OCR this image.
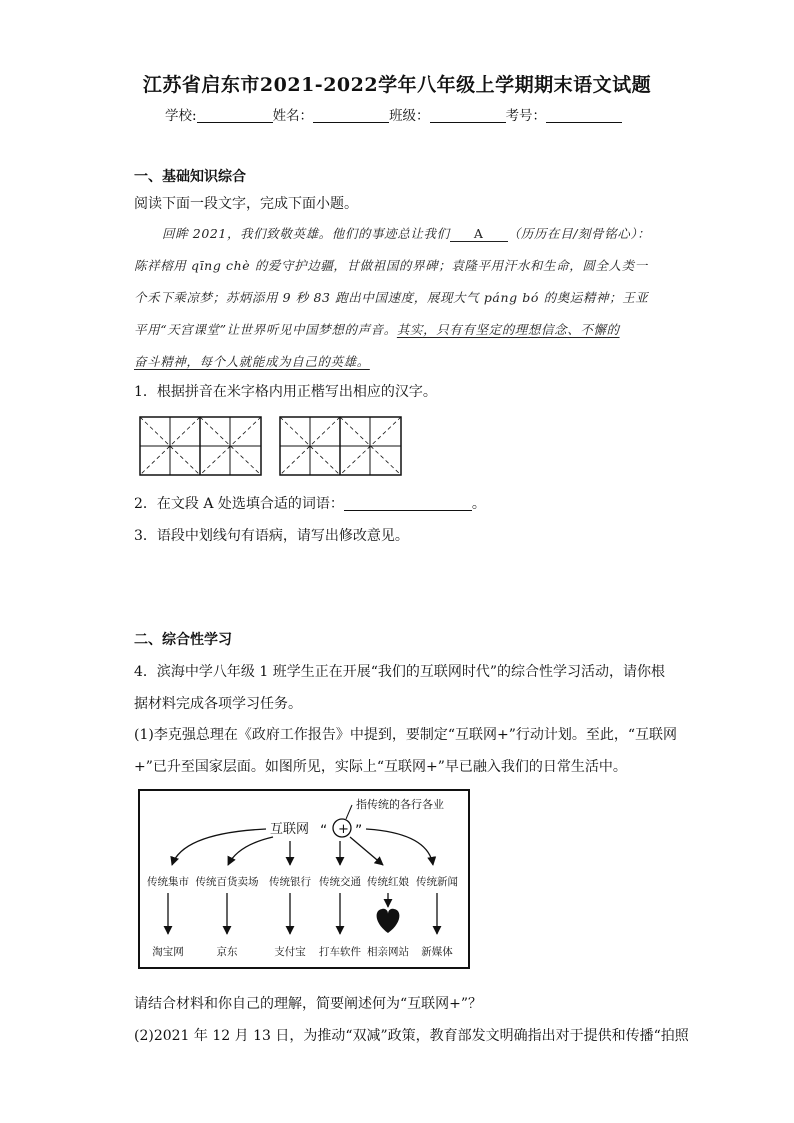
江苏省启东市2021-2022学年八年级上学期期末语文试题
学校:	姓名：	班级：	考号：
一、基础知识综合
阅读下面一段文字，完成下面小题。
回眸 2021，我们致敬英雄。他们的事迹总让我们 A （历历在目/刻骨铭心）：
陈祥榕用 qīng chè 的爱守护边疆，甘做祖国的界碑；袁隆平用汗水和生命，圆全人类一
个禾下乘凉梦；苏炳添用 9 秒 83 跑出中国速度，展现大气 páng bó 的奥运精神；王亚
平用“天宫课堂”让世界听见中国梦想的声音。其实，只有有坚定的理想信念、不懈的
奋斗精神，每个人就能成为自己的英雄。
1．根据拼音在米字格内用正楷写出相应的汉字。
2．在文段 A 处选填合适的词语：	。
3．语段中划线句有语病，请写出修改意见。
二、综合性学习
4．滨海中学八年级 1 班学生正在开展“我们的互联网时代”的综合性学习活动，请你根
据材料完成各项学习任务。
(1)李克强总理在《政府工作报告》中提到，要制定“互联网+”行动计划。至此，“互联网
+”已升至国家层面。如图所见，实际上“互联网+”早已融入我们的日常生活中。
指传统的各行各业
互联网 “ + ”
传统集市 传统百货卖场 传统银行 传统交通 传统红娘 传统新闻
淘宝网	京东	支付宝 打车软件 相亲网站 新媒体
请结合材料和你自己的理解，简要阐述何为“互联网+”？
(2)2021 年 12 月 13 日，为推动“双减”政策，教育部发文明确指出对于提供和传播“拍照
